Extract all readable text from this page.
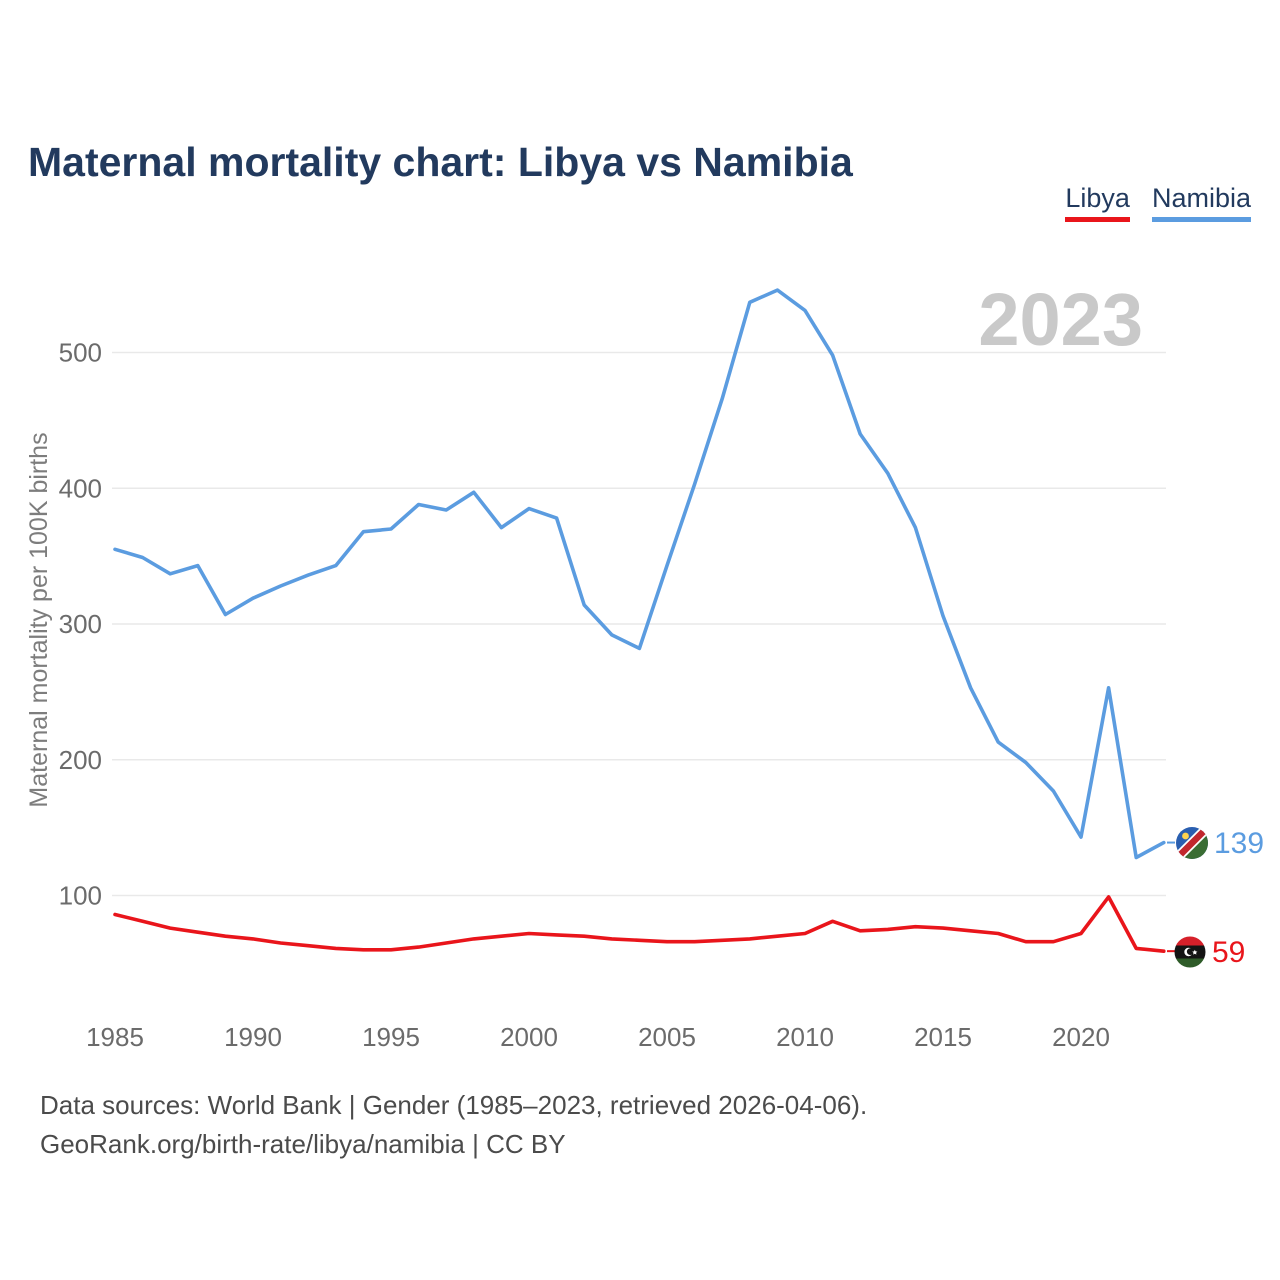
Maternal mortality chart: Libya vs Namibia
Libya Namibia
2023
Maternal mortality per 100K births
100
200
300
400
500
1985	1990	1995	2000	2005	2010	2015	2020
139
59
Data sources: World Bank | Gender (1985–2023, retrieved 2026-04-06).
GeoRank.org/birth-rate/libya/namibia | CC BY
